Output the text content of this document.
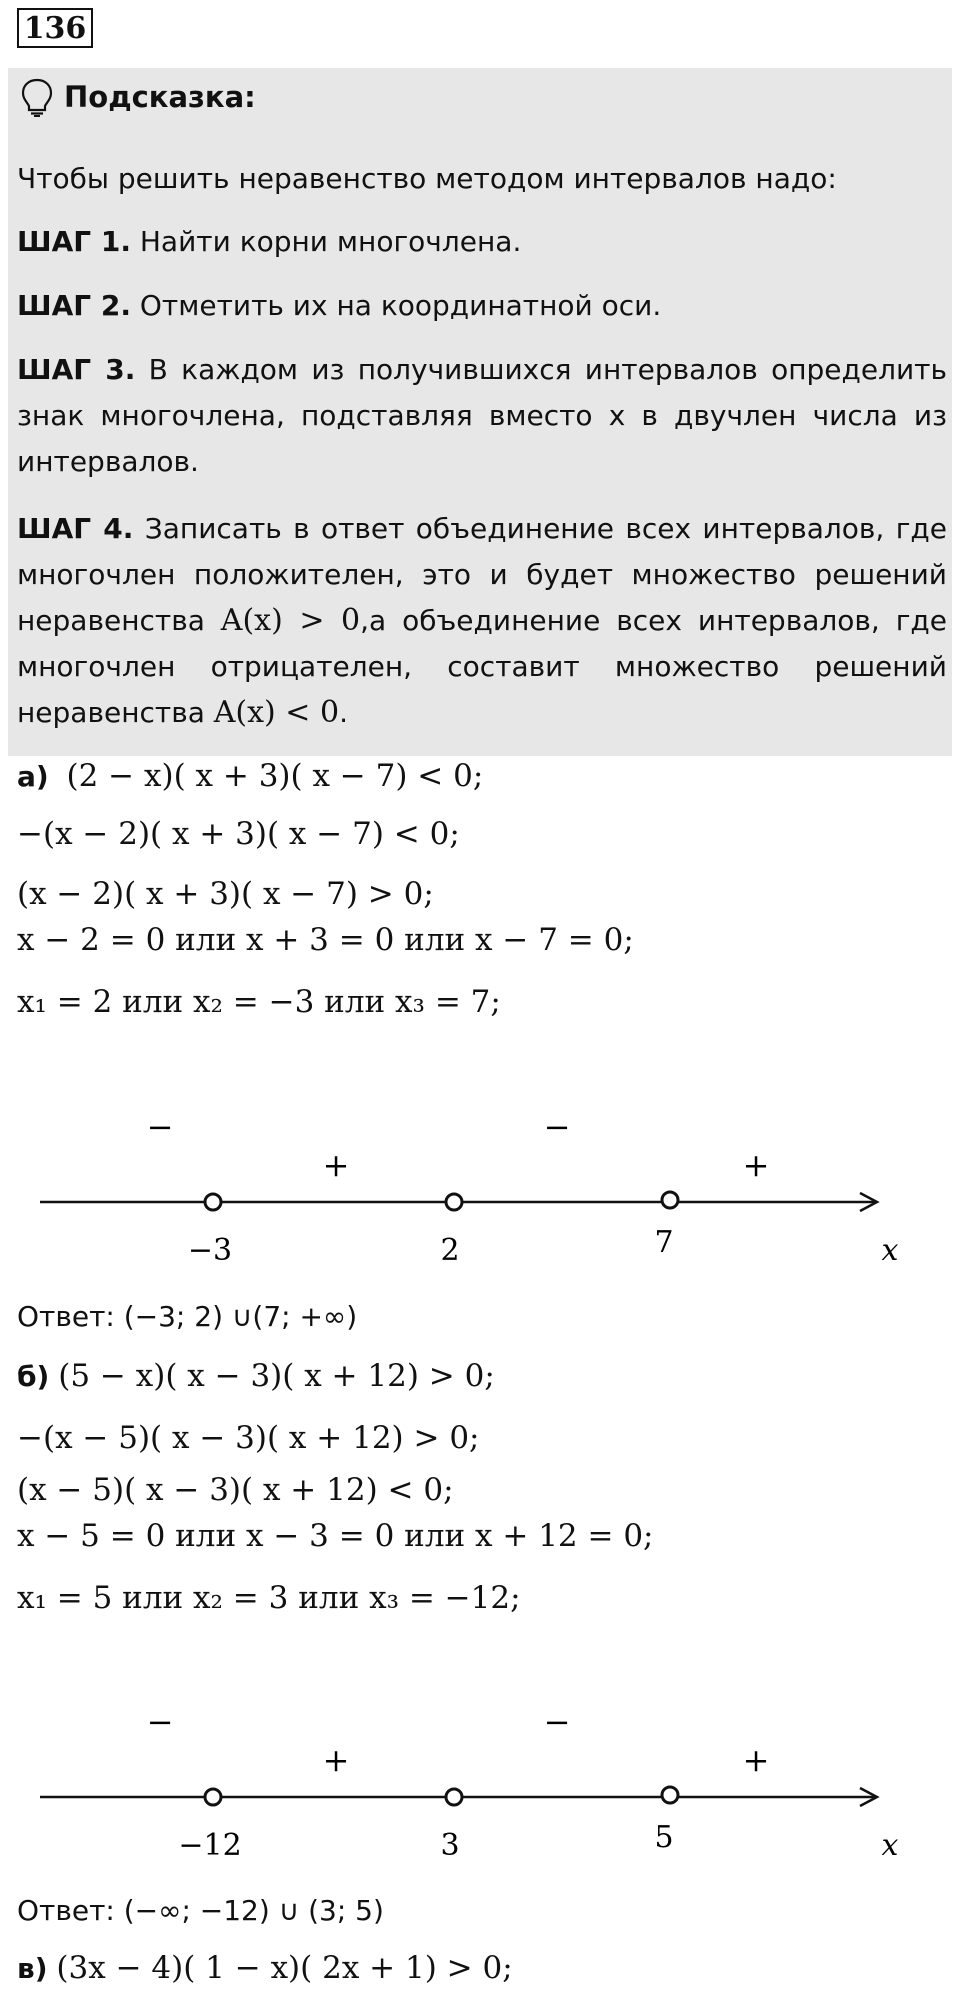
136
Подсказка:
Чтобы решить неравенство методом интервалов надо:
ШАГ 1. Найти корни многочлена.
ШАГ 2. Отметить их на координатной оси.
ШАГ 3. В каждом из получившихся интервалов определить знак многочлена, подставляя вместо x в двучлен числа из интервалов.
ШАГ 4. Записать в ответ объединение всех интервалов, где многочлен положителен, это и будет множество решений неравенства A(x) > 0,а объединение всех интервалов, где многочлен отрицателен, составит множество решений неравенства A(x) < 0.
а) (2 − x)( x + 3)( x − 7) < 0;
−(x − 2)( x + 3)( x − 7) < 0;
(x − 2)( x + 3)( x − 7) > 0;
x − 2 = 0 или x + 3 = 0 или x − 7 = 0;
x₁ = 2 или x₂ = −3 или x₃ = 7;
−
+
−
+
−3	2	7	x
Ответ: (−3; 2) ∪(7; +∞)
б) (5 − x)( x − 3)( x + 12) > 0;
−(x − 5)( x − 3)( x + 12) > 0;
(x − 5)( x − 3)( x + 12) < 0;
x − 5 = 0 или x − 3 = 0 или x + 12 = 0;
x₁ = 5 или x₂ = 3 или x₃ = −12;
−
+
−
+
−12	3	5	x
Ответ: (−∞; −12) ∪ (3; 5)
в) (3x − 4)( 1 − x)( 2x + 1) > 0;
